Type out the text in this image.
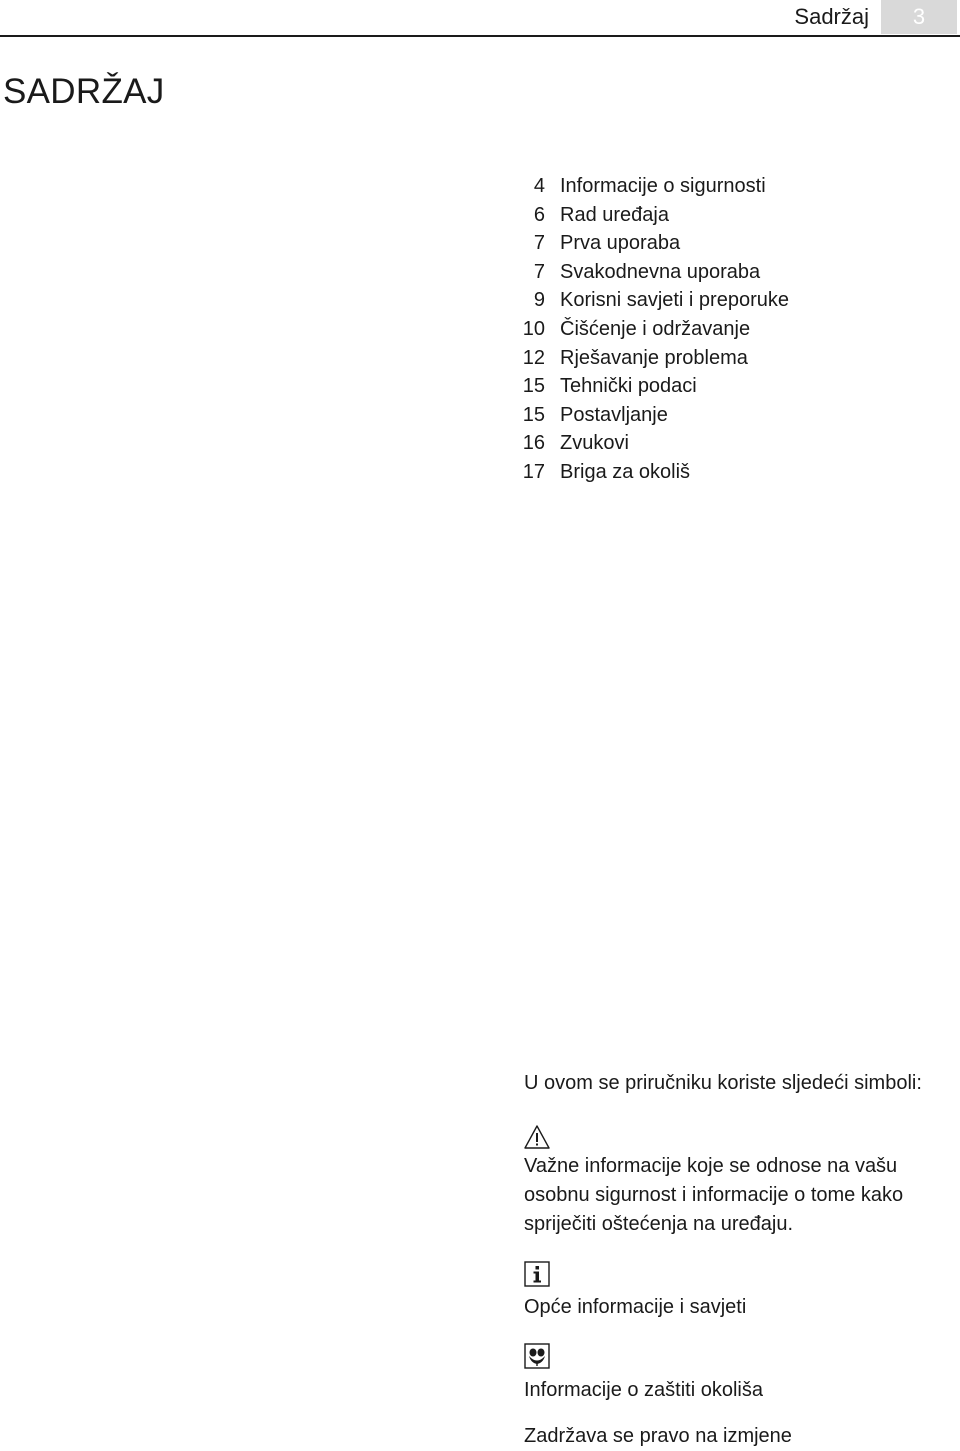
Sadržaj	3
SADRŽAJ
4 Informacije o sigurnosti
6 Rad uređaja
7 Prva uporaba
7 Svakodnevna uporaba
9 Korisni savjeti i preporuke
10 Čišćenje i održavanje
12 Rješavanje problema
15 Tehnički podaci
15 Postavljanje
16 Zvukovi
17 Briga za okoliš

U ovom se priručniku koriste sljedeći simboli:

Važne informacije koje se odnose na vašu osobnu sigurnost i informacije o tome kako spriječiti oštećenja na uređaju.

Opće informacije i savjeti

Informacije o zaštiti okoliša

Zadržava se pravo na izmjene
